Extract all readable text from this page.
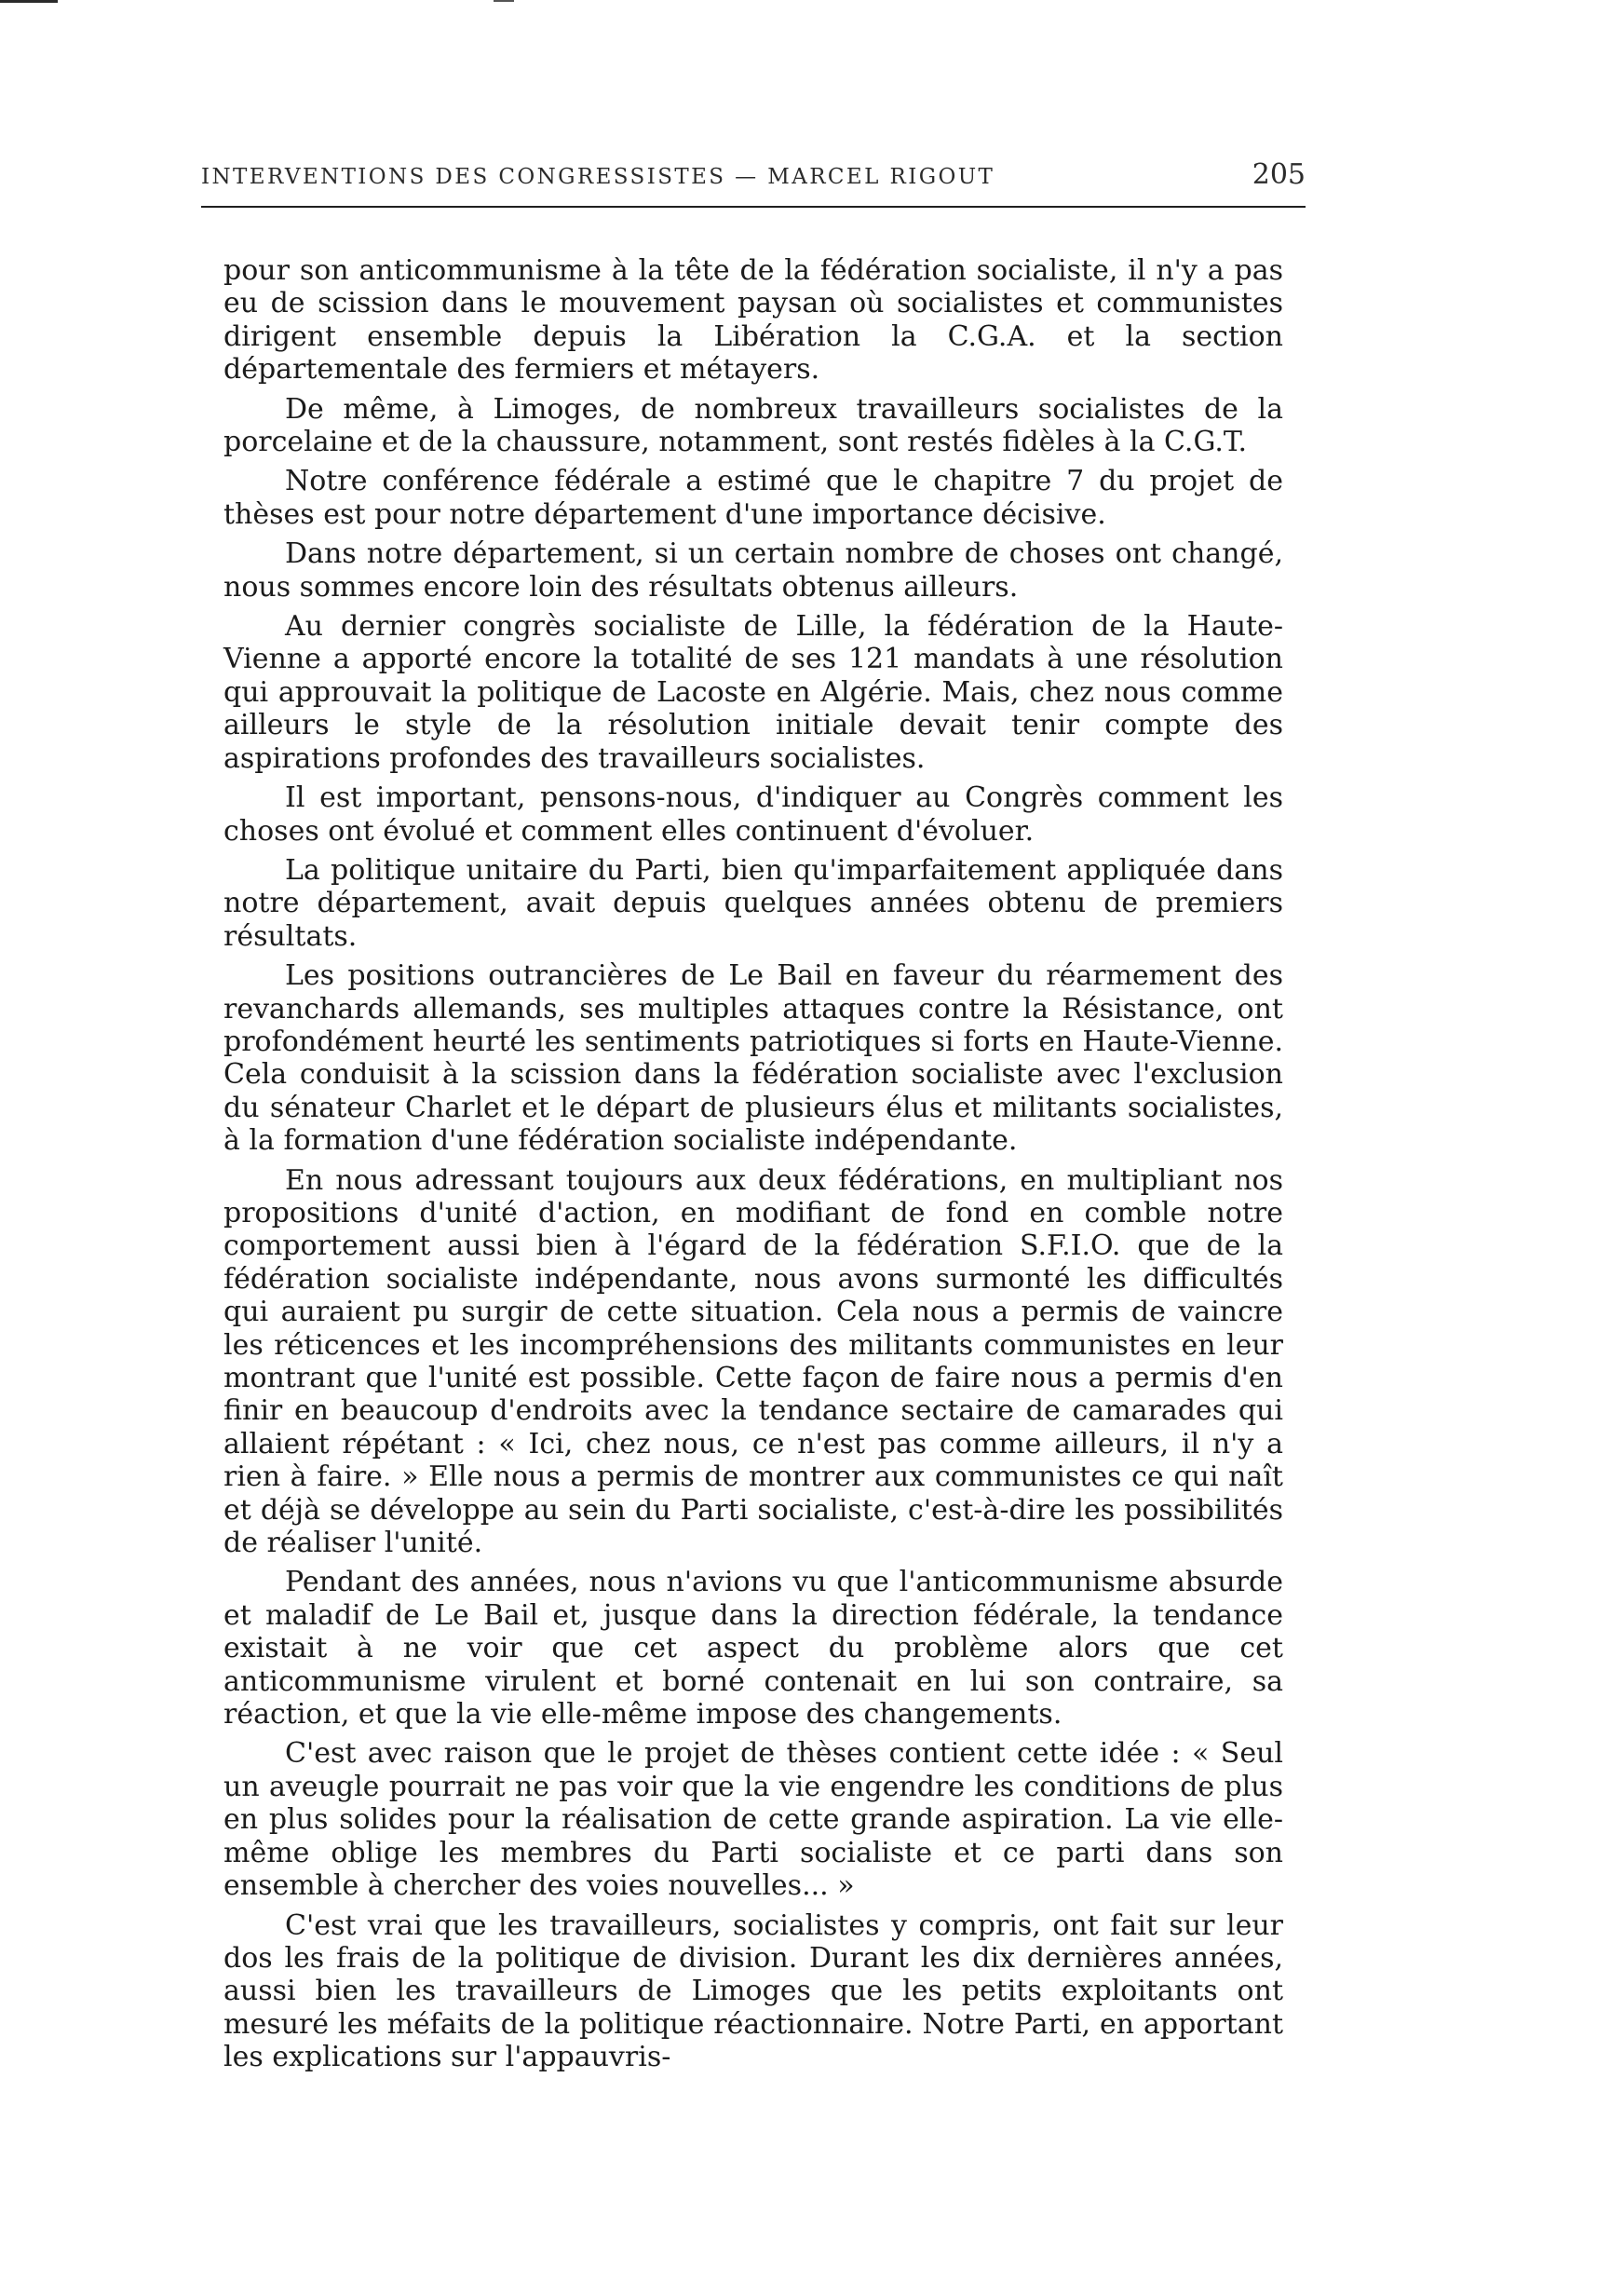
INTERVENTIONS DES CONGRESSISTES — MARCEL RIGOUT	205

pour son anticommunisme à la tête de la fédération socialiste, il n'y a pas eu de scission dans le mouvement paysan où socialistes et communistes dirigent ensemble depuis la Libération la C.G.A. et la section départementale des fermiers et métayers.

De même, à Limoges, de nombreux travailleurs socialistes de la porcelaine et de la chaussure, notamment, sont restés fidèles à la C.G.T.

Notre conférence fédérale a estimé que le chapitre 7 du projet de thèses est pour notre département d'une importance décisive.

Dans notre département, si un certain nombre de choses ont changé, nous sommes encore loin des résultats obtenus ailleurs.

Au dernier congrès socialiste de Lille, la fédération de la Haute-Vienne a apporté encore la totalité de ses 121 mandats à une résolution qui approuvait la politique de Lacoste en Algérie. Mais, chez nous comme ailleurs le style de la résolution initiale devait tenir compte des aspirations profondes des travailleurs socialistes.

Il est important, pensons-nous, d'indiquer au Congrès comment les choses ont évolué et comment elles continuent d'évoluer.

La politique unitaire du Parti, bien qu'imparfaitement appliquée dans notre département, avait depuis quelques années obtenu de premiers résultats.

Les positions outrancières de Le Bail en faveur du réarmement des revanchards allemands, ses multiples attaques contre la Résistance, ont profondément heurté les sentiments patriotiques si forts en Haute-Vienne. Cela conduisit à la scission dans la fédération socialiste avec l'exclusion du sénateur Charlet et le départ de plusieurs élus et militants socialistes, à la formation d'une fédération socialiste indépendante.

En nous adressant toujours aux deux fédérations, en multipliant nos propositions d'unité d'action, en modifiant de fond en comble notre comportement aussi bien à l'égard de la fédération S.F.I.O. que de la fédération socialiste indépendante, nous avons surmonté les difficultés qui auraient pu surgir de cette situation. Cela nous a permis de vaincre les réticences et les incompréhensions des militants communistes en leur montrant que l'unité est possible. Cette façon de faire nous a permis d'en finir en beaucoup d'endroits avec la tendance sectaire de camarades qui allaient répétant : « Ici, chez nous, ce n'est pas comme ailleurs, il n'y a rien à faire. » Elle nous a permis de montrer aux communistes ce qui naît et déjà se développe au sein du Parti socialiste, c'est-à-dire les possibilités de réaliser l'unité.

Pendant des années, nous n'avions vu que l'anticommunisme absurde et maladif de Le Bail et, jusque dans la direction fédérale, la tendance existait à ne voir que cet aspect du problème alors que cet anticommunisme virulent et borné contenait en lui son contraire, sa réaction, et que la vie elle-même impose des changements.

C'est avec raison que le projet de thèses contient cette idée : « Seul un aveugle pourrait ne pas voir que la vie engendre les conditions de plus en plus solides pour la réalisation de cette grande aspiration. La vie elle-même oblige les membres du Parti socialiste et ce parti dans son ensemble à chercher des voies nouvelles... »

C'est vrai que les travailleurs, socialistes y compris, ont fait sur leur dos les frais de la politique de division. Durant les dix dernières années, aussi bien les travailleurs de Limoges que les petits exploitants ont mesuré les méfaits de la politique réactionnaire. Notre Parti, en apportant les explications sur l'appauvris-
